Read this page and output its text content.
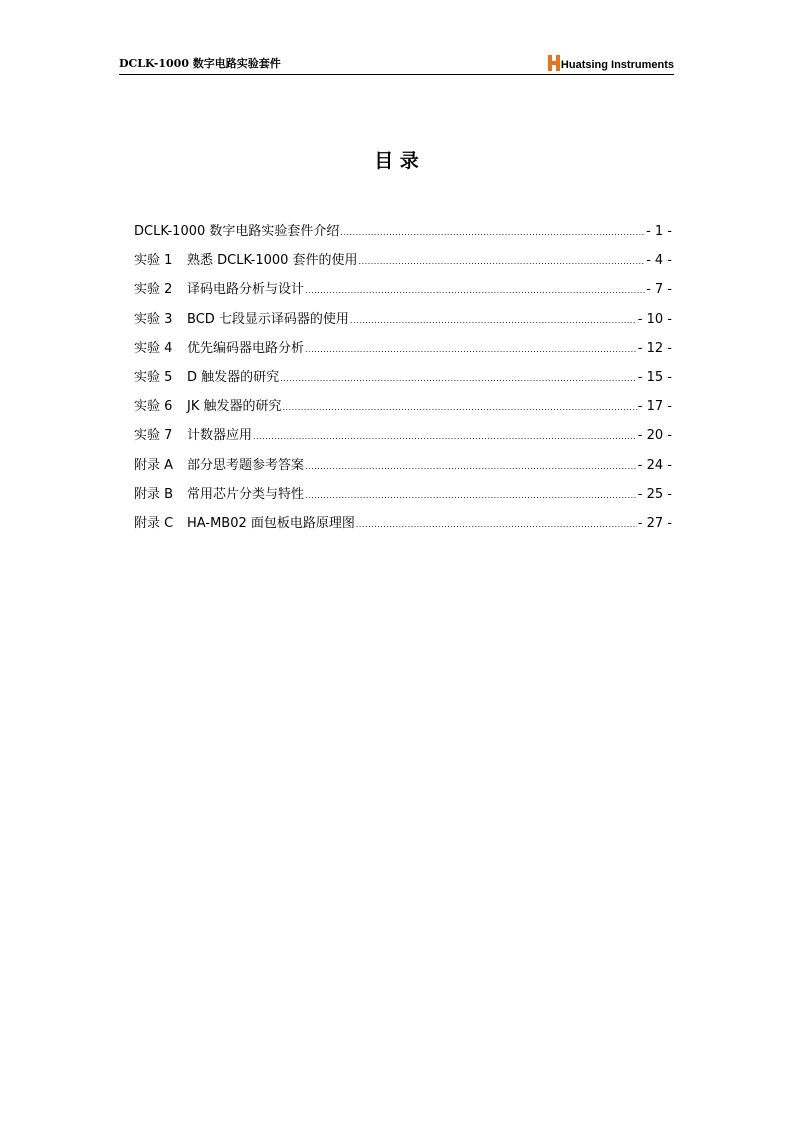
DCLK-1000 数字电路实验套件	Huatsing Instruments
目 录
DCLK-1000 数字电路实验套件介绍 .....	- 1 -
实验 1	熟悉 DCLK-1000 套件的使用 .....	- 4 -
实验 2	译码电路分析与设计 .....	- 7 -
实验 3	BCD 七段显示译码器的使用 .....	- 10 -
实验 4	优先编码器电路分析 .....	- 12 -
实验 5	D 触发器的研究 .....	- 15 -
实验 6	JK 触发器的研究 .....	- 17 -
实验 7	计数器应用 .....	- 20 -
附录 A	部分思考题参考答案 .....	- 24 -
附录 B	常用芯片分类与特性 .....	- 25 -
附录 C	HA-MB02 面包板电路原理图 .....	- 27 -
